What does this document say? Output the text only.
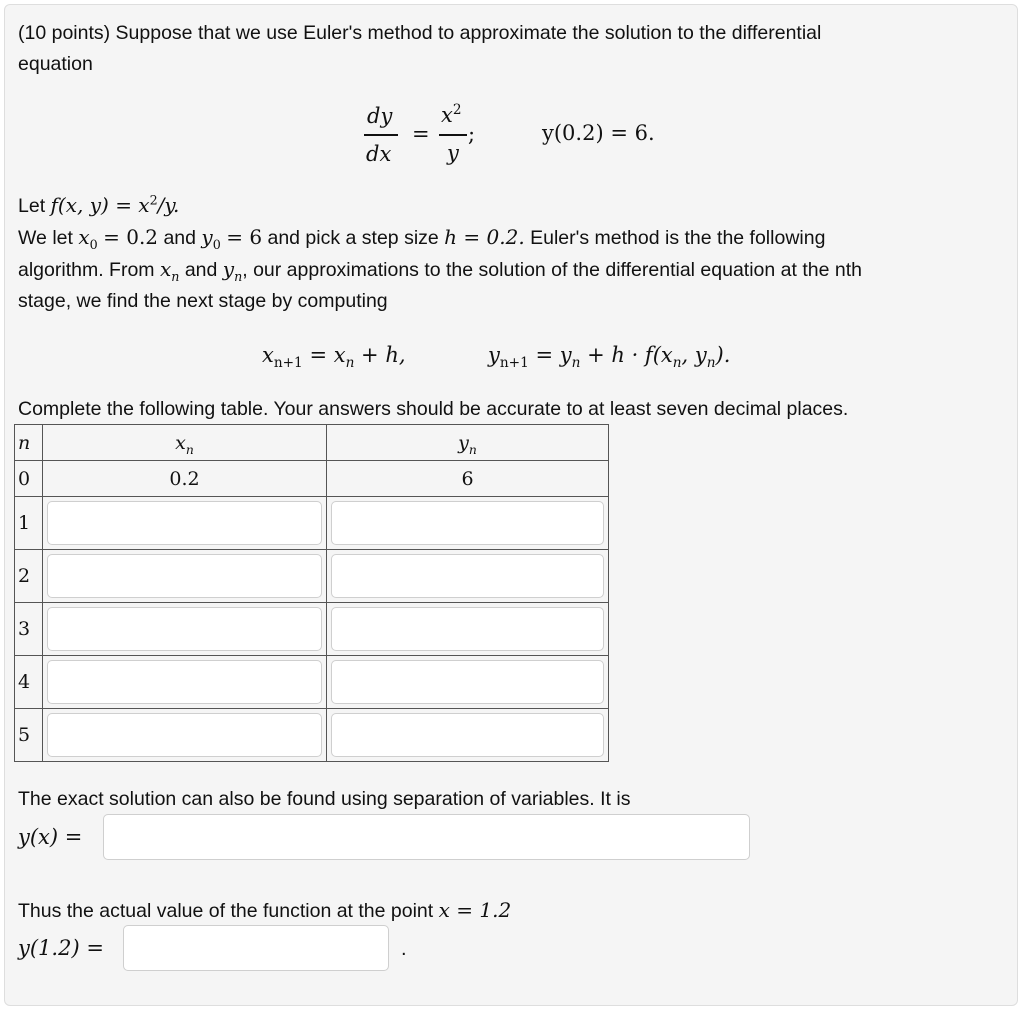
(10 points) Suppose that we use Euler's method to approximate the solution to the differential
equation
dy
dx
=
$x^2$
y
;	y(0.2) = 6.
Let f(x, $y) = x^2/y$.
We let $x_0 = 0.2$ and $y_0 = 6$ and pick a step size h = 0.2. Euler's method is the the following
algorithm. From $x_n$ and $y_n$, our approximations to the solution of the differential equation at the nth
stage, we find the next stage by computing
$x_{n+1} = x_n + h$,	$y_{n+1} = y_n + h \cdot f(x_n$, $y_n$).
Complete the following table. Your answers should be accurate to at least seven decimal places.
n	$x_n$	$y_n$
0	0.2	6
1	

2	

3	

4	

5	

The exact solution can also be found using separation of variables. It is
y(x) =
Thus the actual value of the function at the point x = 1.2
y(1.2) =	.
